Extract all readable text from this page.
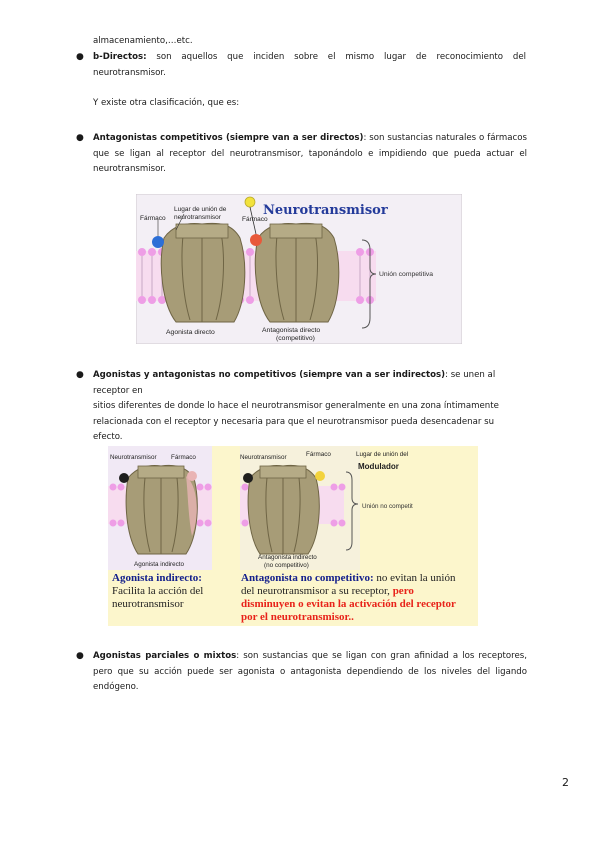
almacenamiento,…etc.
● b-Directos: son aquellos que inciden sobre el mismo lugar de reconocimiento del
neurotransmisor.
Y existe otra clasificación, que es:
● Antagonistas competitivos (siempre van a ser directos): son sustancias naturales o fármacos
que se ligan al receptor del neurotransmisor, taponándolo e impidiendo que pueda actuar el
neurotransmisor.
Neurotransmisor
Lugar de unión de
neurotransmisor
Fármaco	Fármaco
Unión competitiva
Agonista directo	Antagonista directo
(competitivo)
● Agonistas y antagonistas no competitivos (siempre van a ser indirectos): se unen al receptor en
sitios diferentes de donde lo hace el neurotransmisor generalmente en una zona íntimamente
relacionada con el receptor y necesaria para que el neurotransmisor pueda desencadenar su
efecto.
Neurotransmisor Fármaco
Agonista indirecto
Neurotransmisor	Fármaco	Lugar de unión del
Modulador
Unión no competit
Antagonista indirecto
(no competitivo)
Agonista indirecto:
Facilita la acción del
neurotransmisor
Antagonista no competitivo: no evitan la unión
del neurotransmisor a su receptor, pero
disminuyen o evitan la activación del receptor
por el neurotransmisor..
● Agonistas parciales o mixtos: son sustancias que se ligan con gran afinidad a los receptores,
pero que su acción puede ser agonista o antagonista dependiendo de los niveles del ligando
endógeno.
2
